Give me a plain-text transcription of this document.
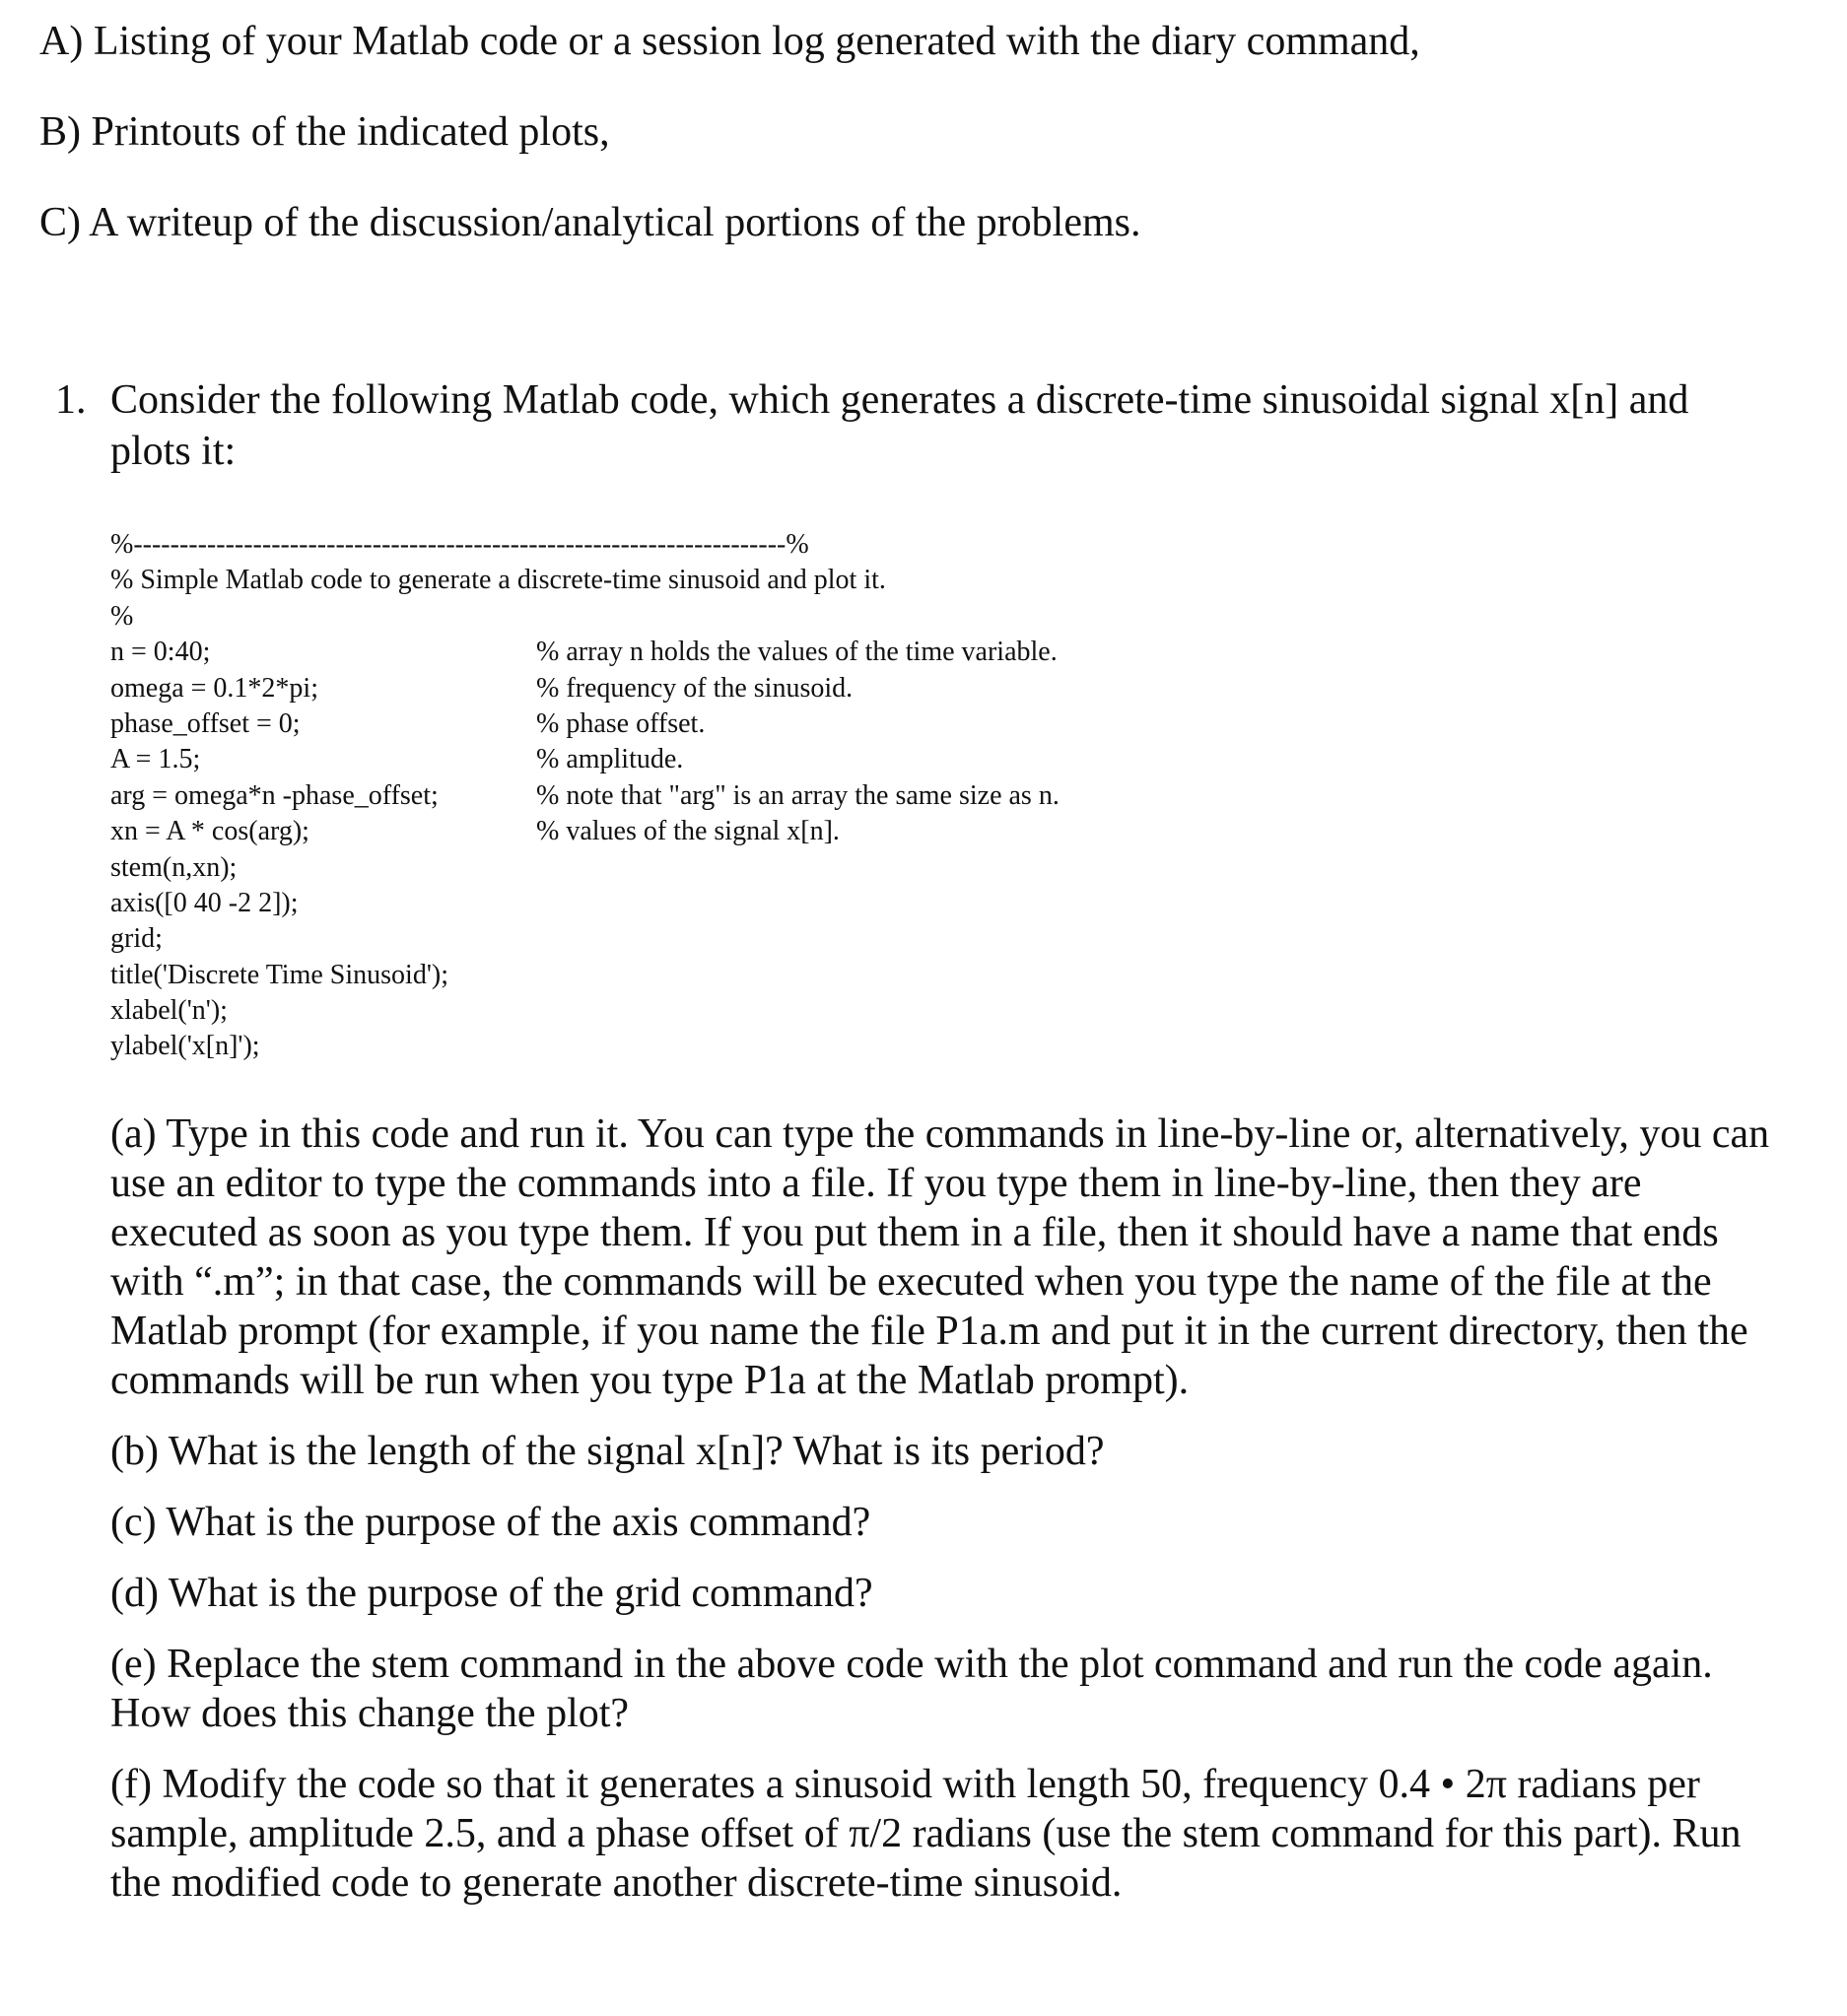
A) Listing of your Matlab code or a session log generated with the diary command,
B) Printouts of the indicated plots,
C) A writeup of the discussion/analytical portions of the problems.
1. Consider the following Matlab code, which generates a discrete-time sinusoidal signal x[n] and
plots it:
%-----------------------------------------------------------------------%
% Simple Matlab code to generate a discrete-time sinusoid and plot it.
%
n = 0:40;	% array n holds the values of the time variable.
omega = 0.1*2*pi;	% frequency of the sinusoid.
phase_offset = 0;	% phase offset.
A = 1.5;	% amplitude.
arg = omega*n -phase_offset;	% note that "arg" is an array the same size as n.
xn = A * cos(arg);	% values of the signal x[n].
stem(n,xn);
axis([0 40 -2 2]);
grid;
title('Discrete Time Sinusoid');
xlabel('n');
ylabel('x[n]');

(a) Type in this code and run it. You can type the commands in line-by-line or, alternatively, you can use an editor to type the commands into a file. If you type them in line-by-line, then they are executed as soon as you type them. If you put them in a file, then it should have a name that ends with “.m”; in that case, the commands will be executed when you type the name of the file at the Matlab prompt (for example, if you name the file P1a.m and put it in the current directory, then the commands will be run when you type P1a at the Matlab prompt).

(b) What is the length of the signal x[n]? What is its period?

(c) What is the purpose of the axis command?

(d) What is the purpose of the grid command?

(e) Replace the stem command in the above code with the plot command and run the code again. How does this change the plot?

(f) Modify the code so that it generates a sinusoid with length 50, frequency 0.4 • 2π radians per sample, amplitude 2.5, and a phase offset of π/2 radians (use the stem command for this part). Run the modified code to generate another discrete-time sinusoid.
